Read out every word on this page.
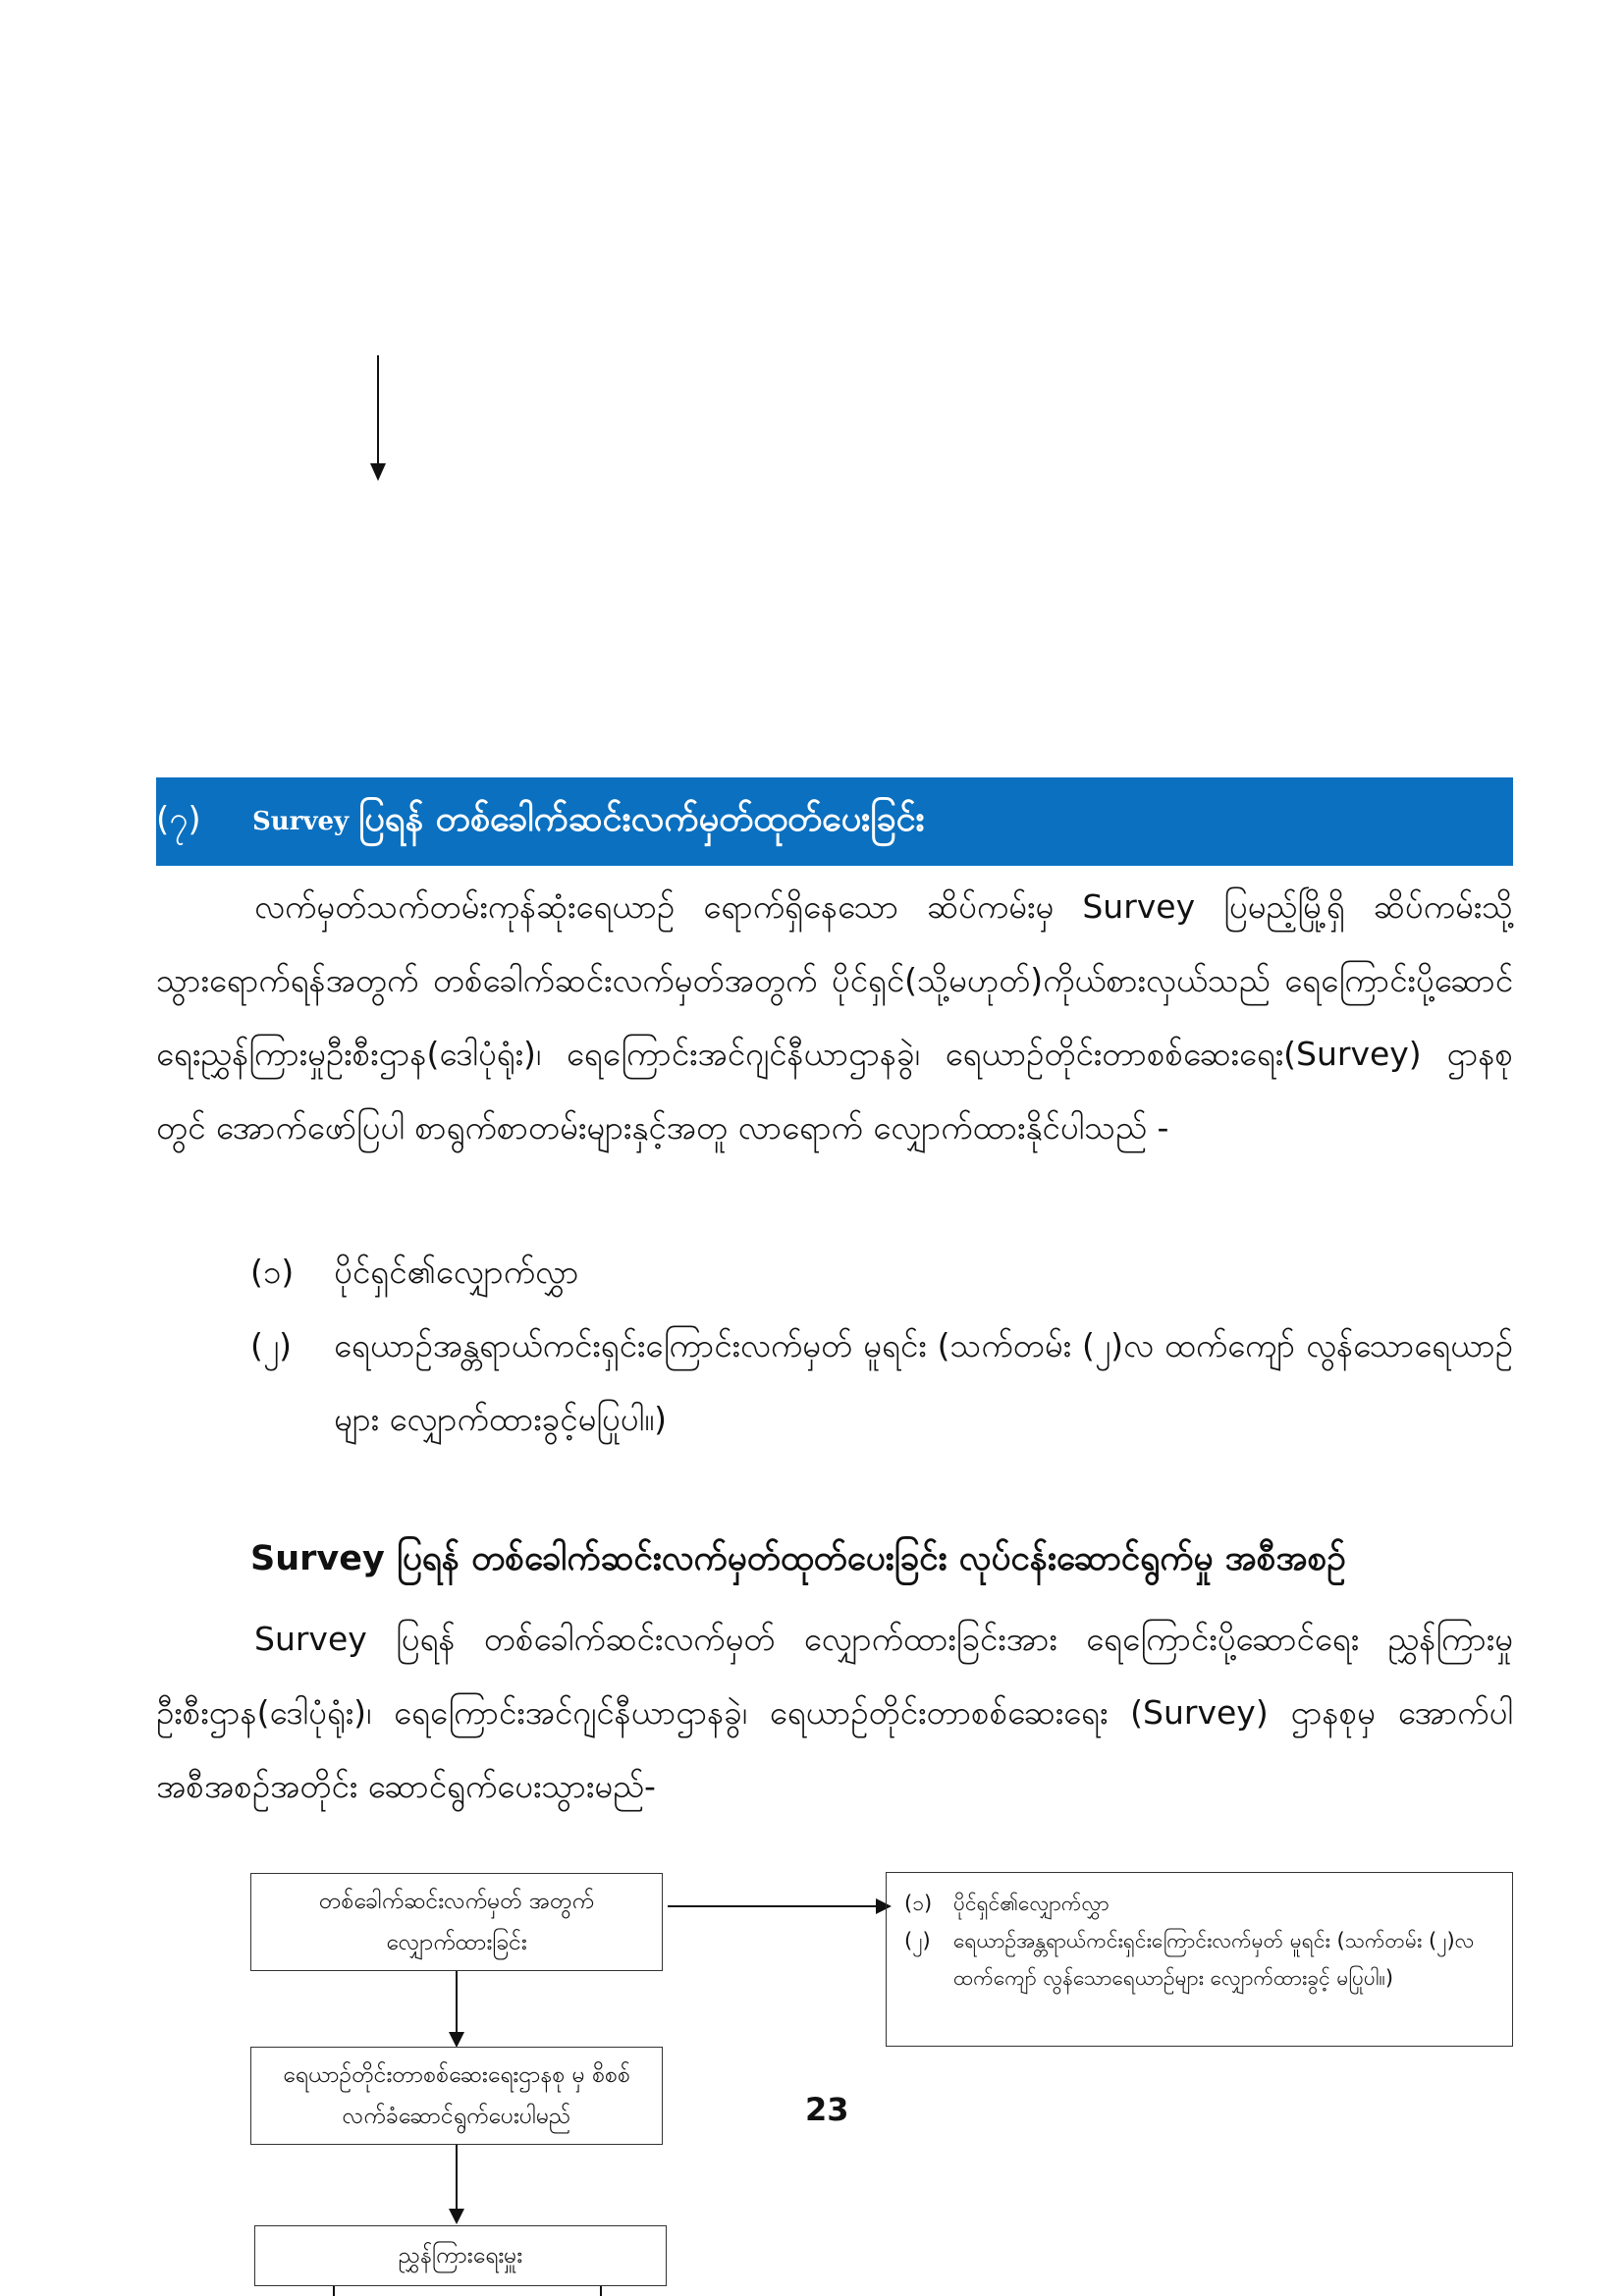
(၇)	Survey ပြရန် တစ်ခေါက်ဆင်းလက်မှတ်ထုတ်ပေးခြင်း

လက်မှတ်သက်တမ်းကုန်ဆုံးရေယာဉ် ရောက်ရှိနေသော ဆိပ်ကမ်းမှ Survey ပြမည့်မြို့ရှိ ဆိပ်ကမ်းသို့ သွားရောက်ရန်အတွက် တစ်ခေါက်ဆင်းလက်မှတ်အတွက် ပိုင်ရှင်(သို့မဟုတ်)ကိုယ်စားလှယ်သည် ရေကြောင်းပို့ဆောင်ရေးညွှန်ကြားမှုဦးစီးဌာန(ဒေါပုံရုံး)၊ ရေကြောင်းအင်ဂျင်နီယာဌာနခွဲ၊ ရေယာဉ်တိုင်းတာစစ်ဆေးရေး(Survey) ဌာနစုတွင် အောက်ဖော်ပြပါ စာရွက်စာတမ်းများနှင့်အတူ လာရောက် လျှောက်ထားနိုင်ပါသည် -

(၁)	ပိုင်ရှင်၏လျှောက်လွှာ
(၂)	ရေယာဉ်အန္တရာယ်ကင်းရှင်းကြောင်းလက်မှတ် မူရင်း (သက်တမ်း (၂)လ ထက်ကျော် လွန်သောရေယာဉ်များ လျှောက်ထားခွင့်မပြုပါ။)
Survey ပြရန် တစ်ခေါက်ဆင်းလက်မှတ်ထုတ်ပေးခြင်း လုပ်ငန်းဆောင်ရွက်မှု အစီအစဉ်

Survey ပြရန် တစ်ခေါက်ဆင်းလက်မှတ် လျှောက်ထားခြင်းအား ရေကြောင်းပို့ဆောင်ရေး ညွှန်ကြားမှုဦးစီးဌာန(ဒေါပုံရုံး)၊ ရေကြောင်းအင်ဂျင်နီယာဌာနခွဲ၊ ရေယာဉ်တိုင်းတာစစ်ဆေးရေး (Survey) ဌာနစုမှ အောက်ပါ အစီအစဉ်အတိုင်း ဆောင်ရွက်ပေးသွားမည်-

တစ်ခေါက်ဆင်းလက်မှတ် အတွက် လျှောက်ထားခြင်း
ရေယာဉ်တိုင်းတာစစ်ဆေးရေးဌာနစု မှ စိစစ်လက်ခံဆောင်ရွက်ပေးပါမည်
ညွှန်ကြားရေးမှူး
(၁)	ပိုင်ရှင်၏လျှောက်လွှာ
(၂)	ရေယာဉ်အန္တရာယ်ကင်းရှင်းကြောင်းလက်မှတ် မူရင်း (သက်တမ်း (၂)လ ထက်ကျော် လွန်သောရေယာဉ်များ လျှောက်ထားခွင့် မပြုပါ။)
23
